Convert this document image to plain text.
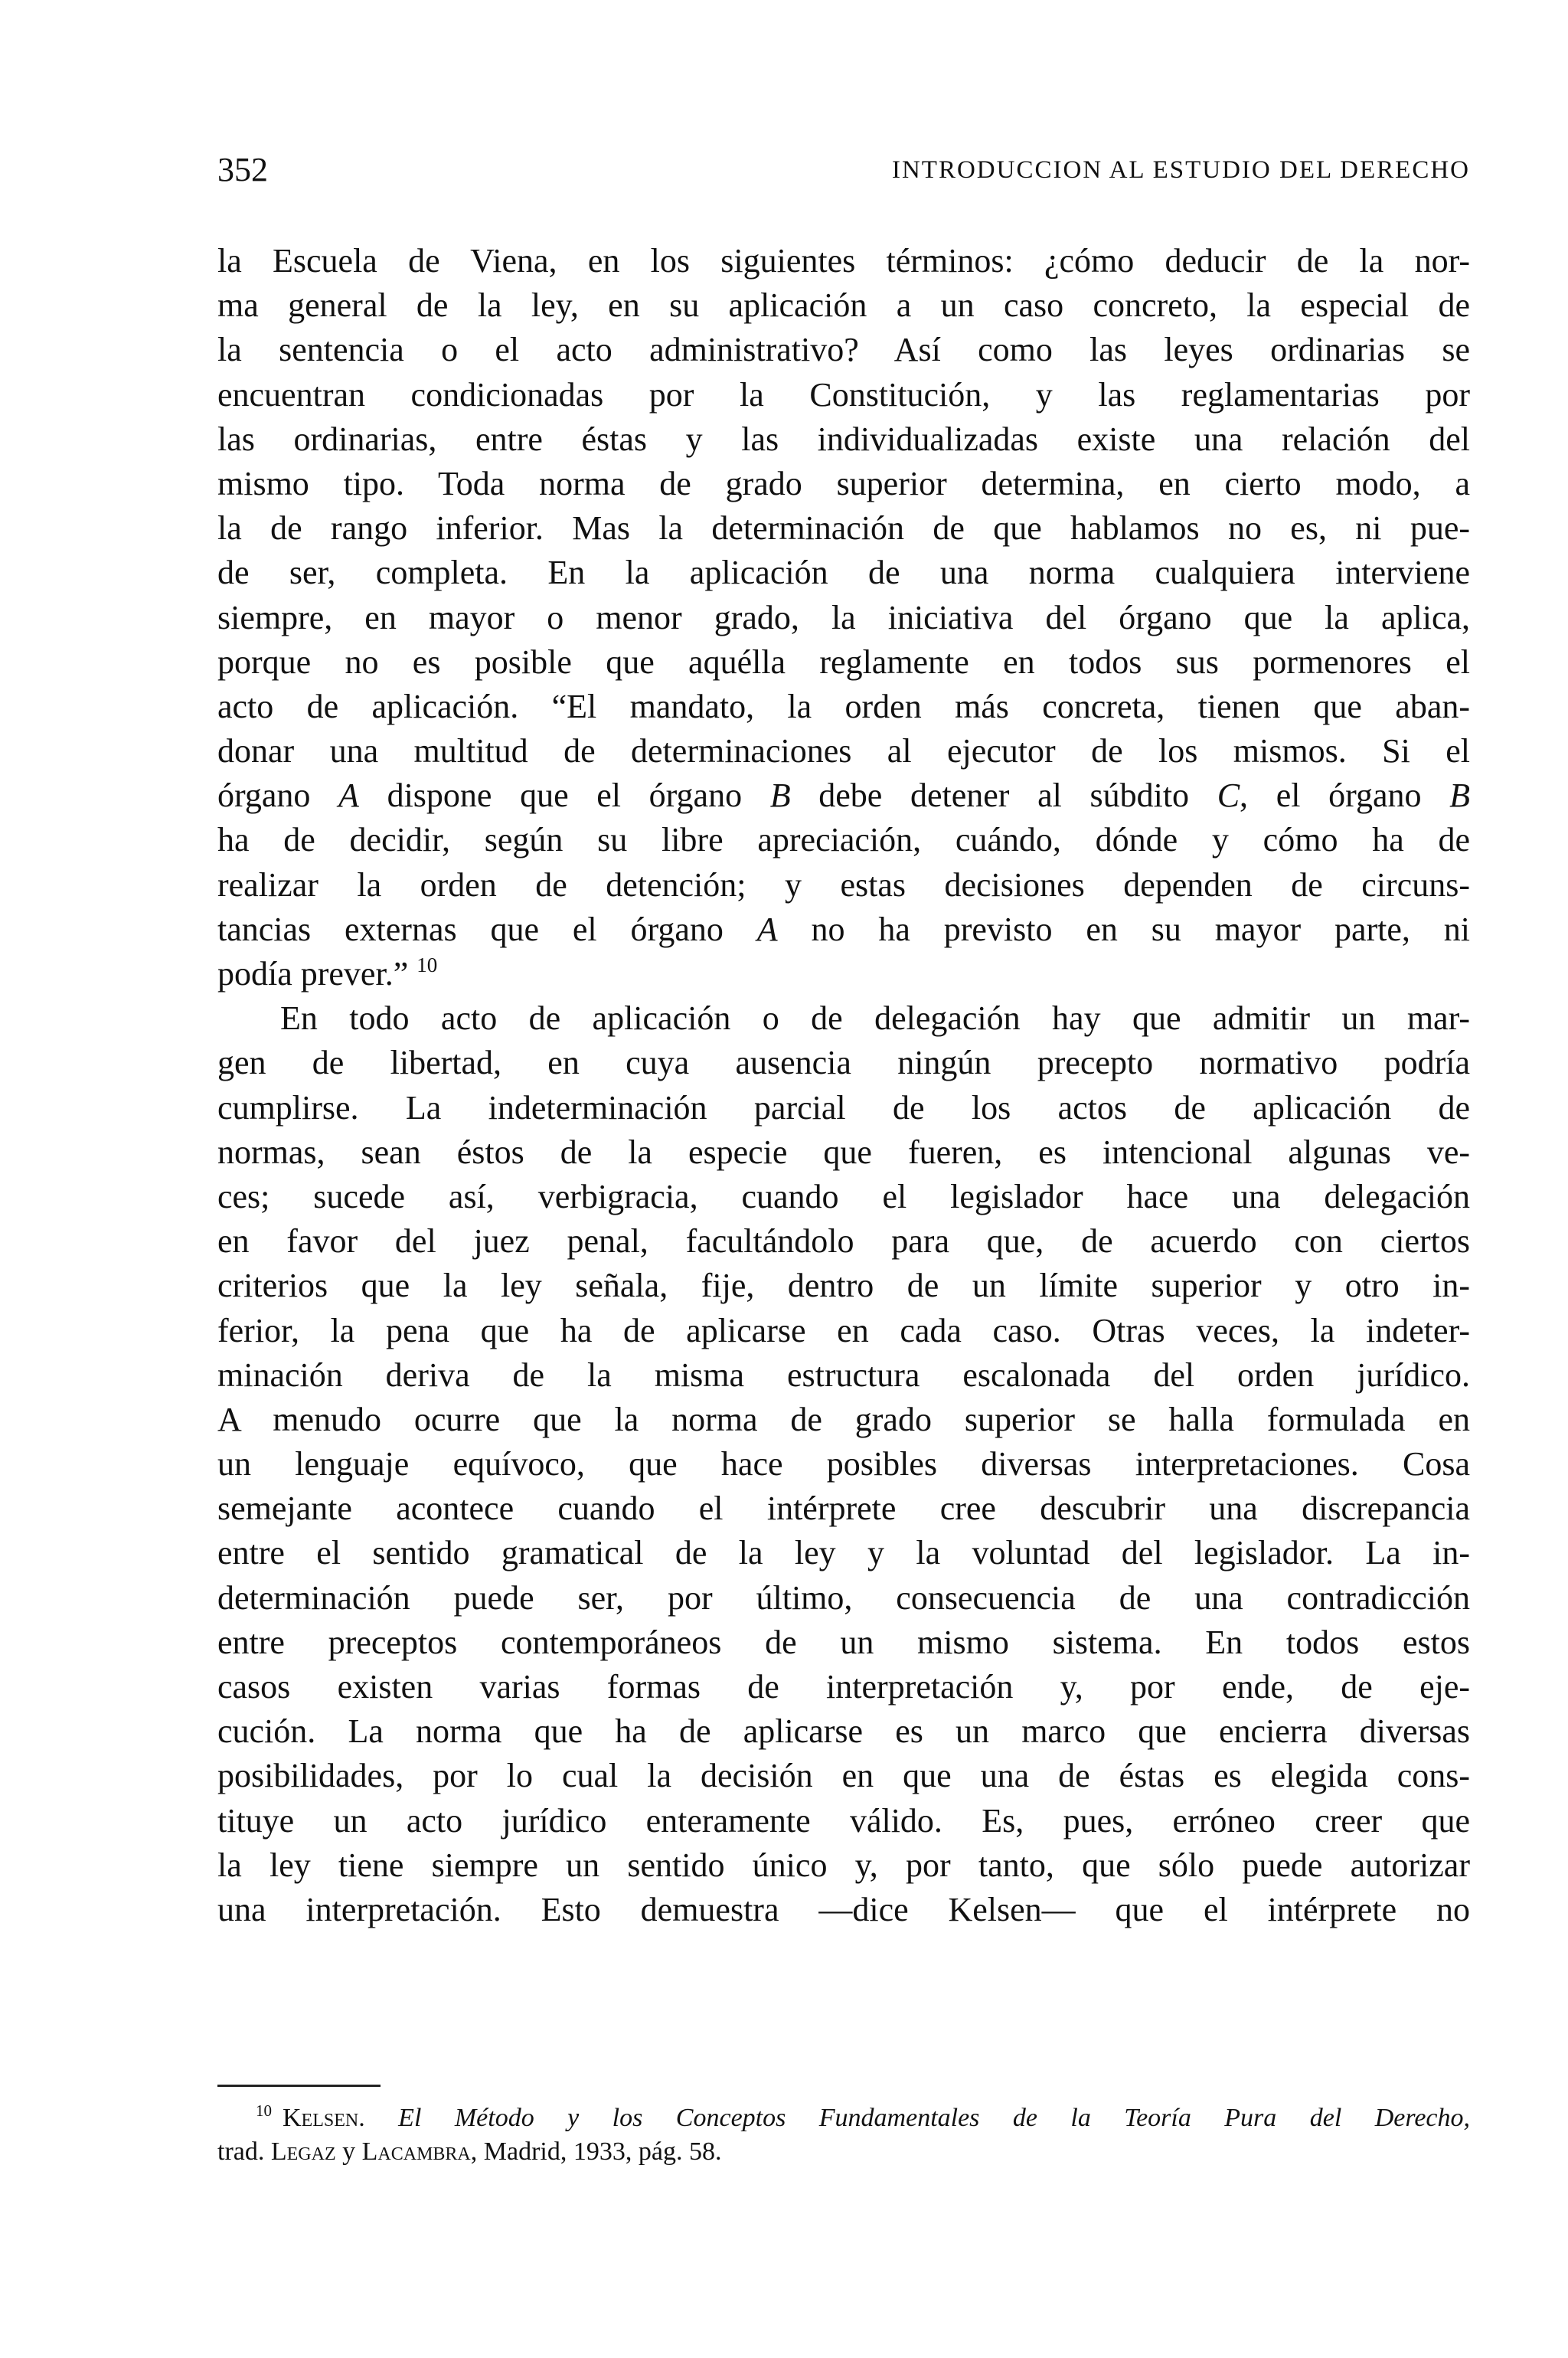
352	INTRODUCCION AL ESTUDIO DEL DERECHO
la Escuela de Viena, en los siguientes términos: ¿cómo deducir de la nor-
ma general de la ley, en su aplicación a un caso concreto, la especial de
la sentencia o el acto administrativo? Así como las leyes ordinarias se
encuentran condicionadas por la Constitución, y las reglamentarias por
las ordinarias, entre éstas y las individualizadas existe una relación del
mismo tipo. Toda norma de grado superior determina, en cierto modo, a
la de rango inferior. Mas la determinación de que hablamos no es, ni pue-
de ser, completa. En la aplicación de una norma cualquiera interviene
siempre, en mayor o menor grado, la iniciativa del órgano que la aplica,
porque no es posible que aquélla reglamente en todos sus pormenores el
acto de aplicación. “El mandato, la orden más concreta, tienen que aban-
donar una multitud de determinaciones al ejecutor de los mismos. Si el
órgano A dispone que el órgano B debe detener al súbdito C, el órgano B
ha de decidir, según su libre apreciación, cuándo, dónde y cómo ha de
realizar la orden de detención; y estas decisiones dependen de circuns-
tancias externas que el órgano A no ha previsto en su mayor parte, ni
podía prever.” $^{10}$
En todo acto de aplicación o de delegación hay que admitir un mar-
gen de libertad, en cuya ausencia ningún precepto normativo podría
cumplirse. La indeterminación parcial de los actos de aplicación de
normas, sean éstos de la especie que fueren, es intencional algunas ve-
ces; sucede así, verbigracia, cuando el legislador hace una delegación
en favor del juez penal, facultándolo para que, de acuerdo con ciertos
criterios que la ley señala, fije, dentro de un límite superior y otro in-
ferior, la pena que ha de aplicarse en cada caso. Otras veces, la indeter-
minación deriva de la misma estructura escalonada del orden jurídico.
A menudo ocurre que la norma de grado superior se halla formulada en
un lenguaje equívoco, que hace posibles diversas interpretaciones. Cosa
semejante acontece cuando el intérprete cree descubrir una discrepancia
entre el sentido gramatical de la ley y la voluntad del legislador. La in-
determinación puede ser, por último, consecuencia de una contradicción
entre preceptos contemporáneos de un mismo sistema. En todos estos
casos existen varias formas de interpretación y, por ende, de eje-
cución. La norma que ha de aplicarse es un marco que encierra diversas
posibilidades, por lo cual la decisión en que una de éstas es elegida cons-
tituye un acto jurídico enteramente válido. Es, pues, erróneo creer que
la ley tiene siempre un sentido único y, por tanto, que sólo puede autorizar
una interpretación. Esto demuestra —dice Kelsen— que el intérprete no
$^{10}$ Kelsen. El Método y los Conceptos Fundamentales de la Teoría Pura del Derecho,
trad. Legaz y Lacambra, Madrid, 1933, pág. 58.
